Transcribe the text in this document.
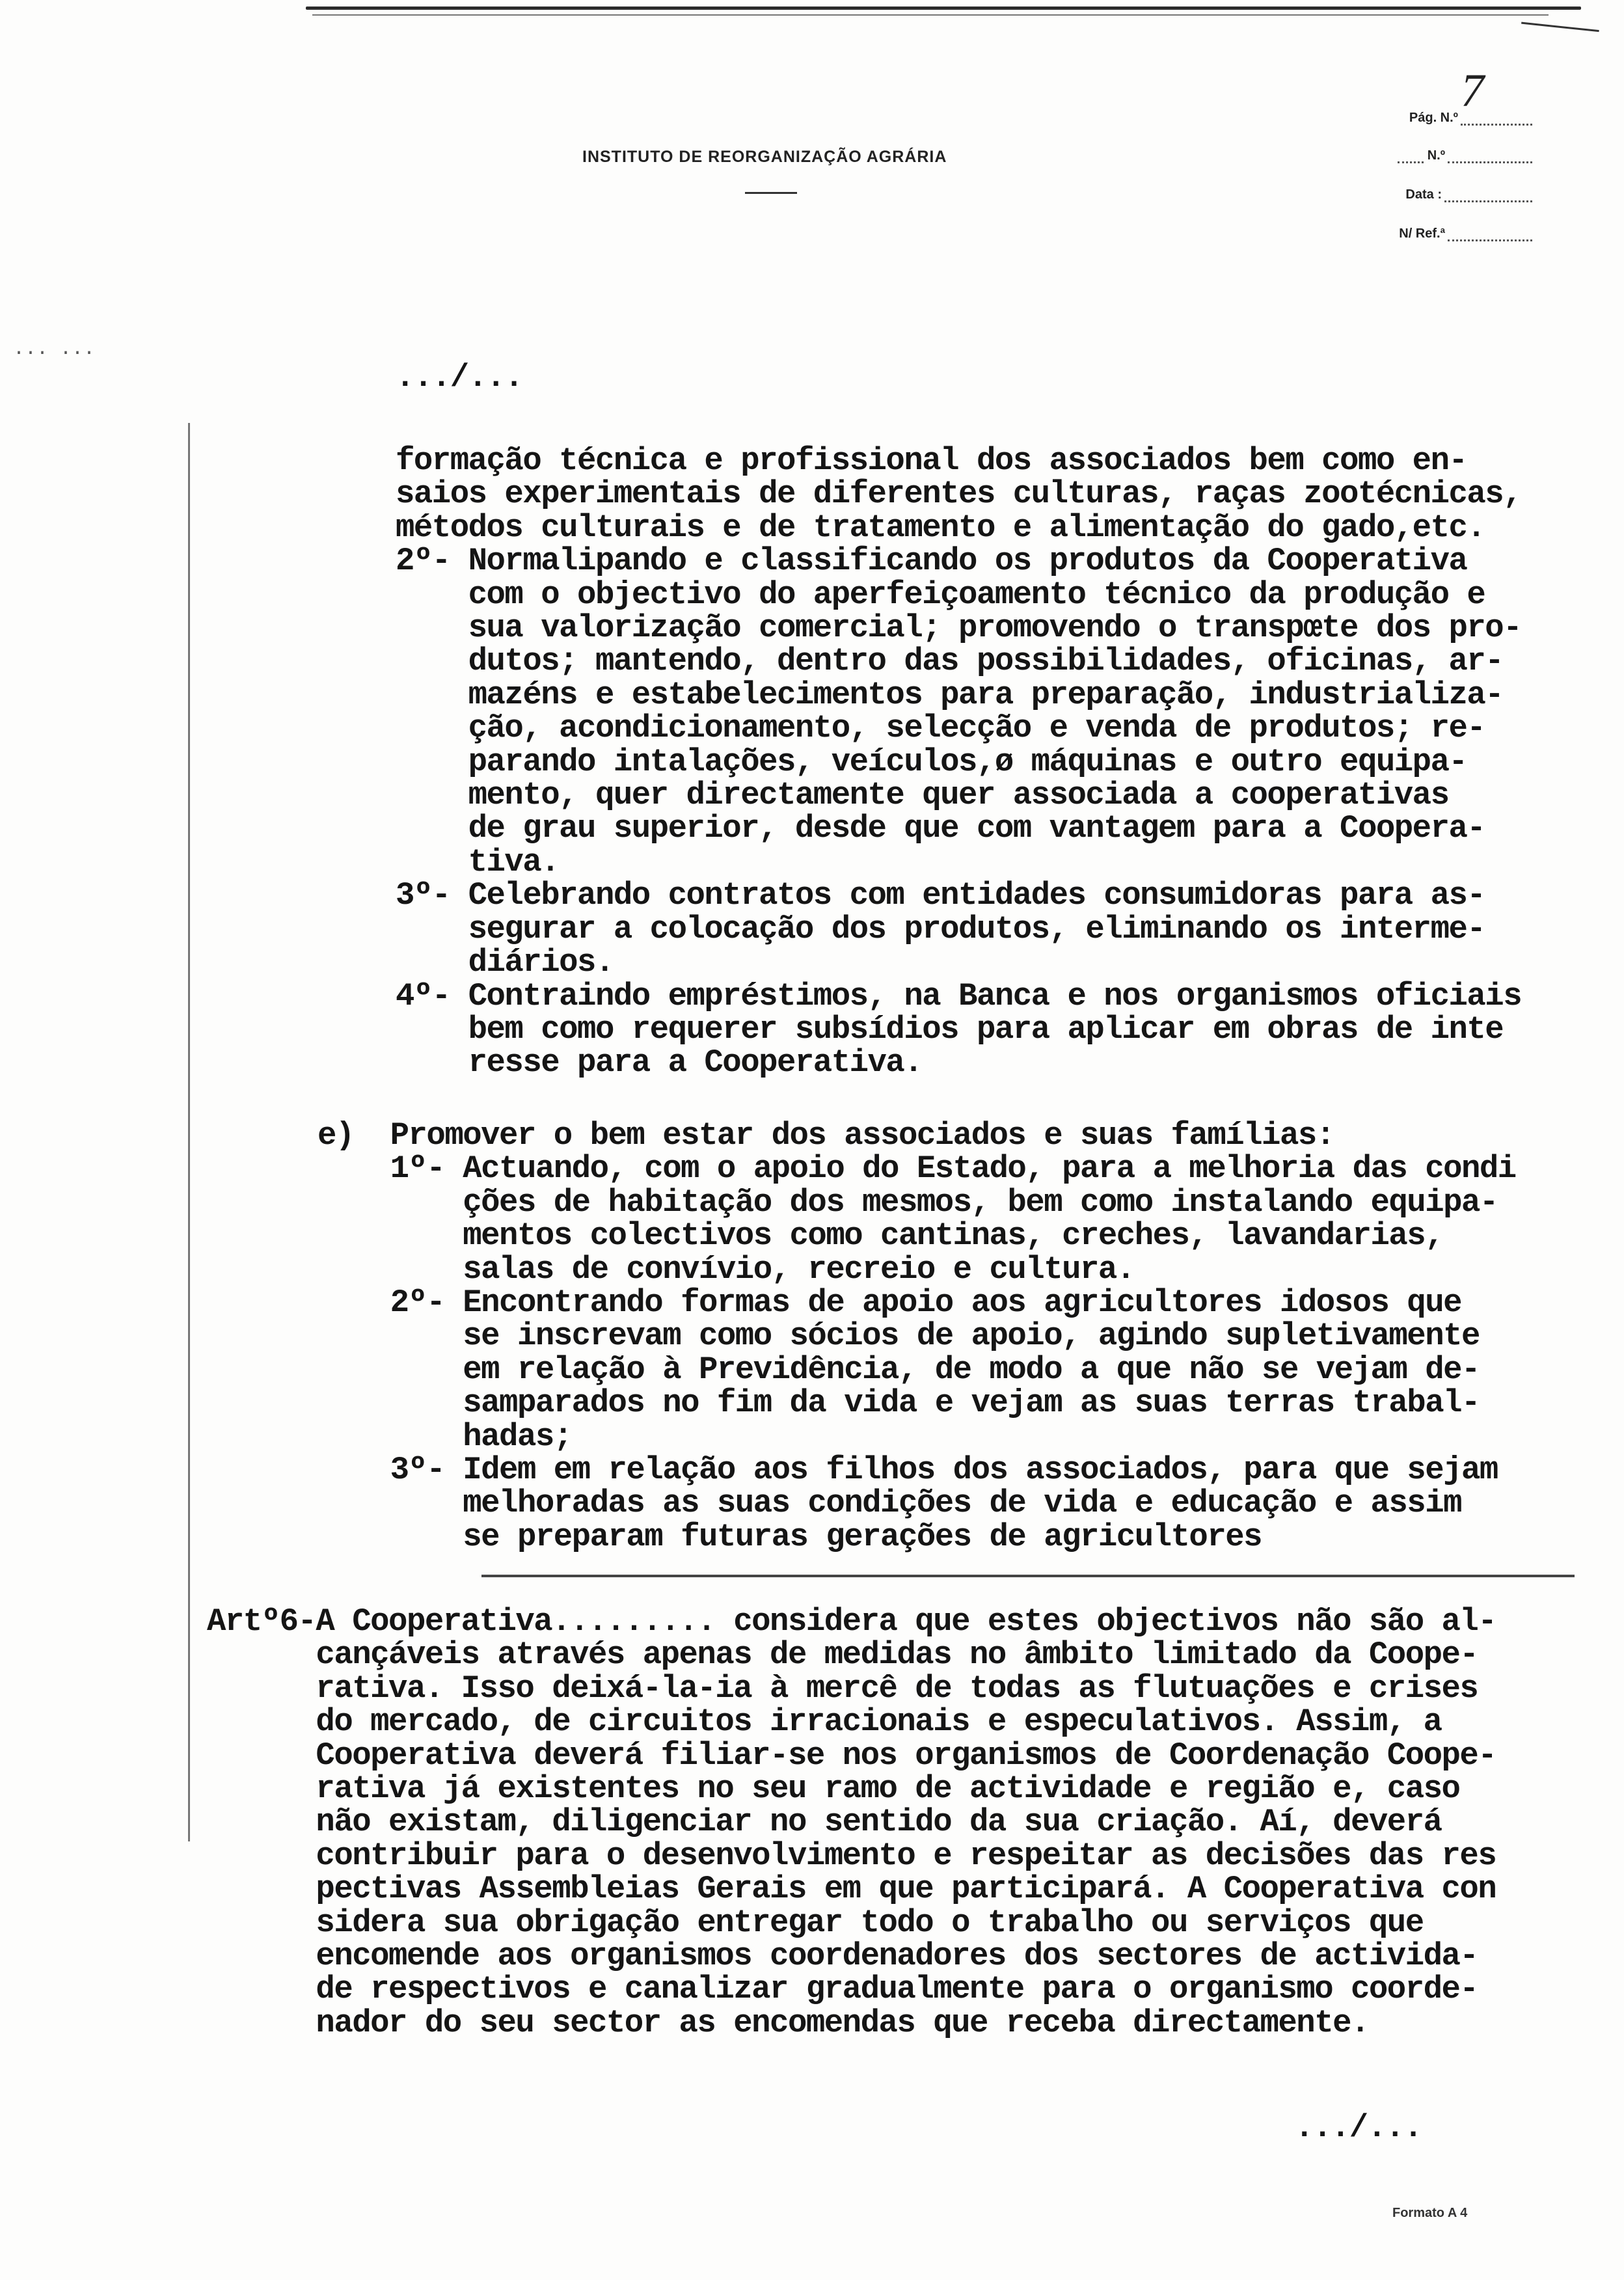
INSTITUTO DE REORGANIZAÇÃO AGRÁRIA
7
Pág. N.º
N.º
Data :
N/ Ref.ª
... ...
.../...
formação técnica e profissional dos associados bem como en-
saios experimentais de diferentes culturas, raças zootécnicas,
métodos culturais e de tratamento e alimentação do gado,etc.
2º- Normalipando e classificando os produtos da Cooperativa
com o objectivo do aperfeiçoamento técnico da produção e
sua valorização comercial; promovendo o transpœte dos pro-
dutos; mantendo, dentro das possibilidades, oficinas, ar-
mazéns e estabelecimentos para preparação, industrializa-
ção, acondicionamento, selecção e venda de produtos; re-
parando intalações, veículos,ø máquinas e outro equipa-
mento, quer directamente quer associada a cooperativas
de grau superior, desde que com vantagem para a Coopera-
tiva.
3º- Celebrando contratos com entidades consumidoras para as-
segurar a colocação dos produtos, eliminando os interme-
diários.
4º- Contraindo empréstimos, na Banca e nos organismos oficiais
bem como requerer subsídios para aplicar em obras de inte
resse para a Cooperativa.
e)  Promover o bem estar dos associados e suas famílias:
1º- Actuando, com o apoio do Estado, para a melhoria das condi
ções de habitação dos mesmos, bem como instalando equipa-
mentos colectivos como cantinas, creches, lavandarias,
salas de convívio, recreio e cultura.
2º- Encontrando formas de apoio aos agricultores idosos que
se inscrevam como sócios de apoio, agindo supletivamente
em relação à Previdência, de modo a que não se vejam de-
samparados no fim da vida e vejam as suas terras trabal-
hadas;
3º- Idem em relação aos filhos dos associados, para que sejam
melhoradas as suas condições de vida e educação e assim
se preparam futuras gerações de agricultores
Artº6-A Cooperativa......... considera que estes objectivos não são al-
cançáveis através apenas de medidas no âmbito limitado da Coope-
rativa. Isso deixá-la-ia à mercê de todas as flutuações e crises
do mercado, de circuitos irracionais e especulativos. Assim, a
Cooperativa deverá filiar-se nos organismos de Coordenação Coope-
rativa já existentes no seu ramo de actividade e região e, caso
não existam, diligenciar no sentido da sua criação. Aí, deverá
contribuir para o desenvolvimento e respeitar as decisões das res
pectivas Assembleias Gerais em que participará. A Cooperativa con
sidera sua obrigação entregar todo o trabalho ou serviços que
encomende aos organismos coordenadores dos sectores de activida-
de respectivos e canalizar gradualmente para o organismo coorde-
nador do seu sector as encomendas que receba directamente.
.../...
Formato A 4
